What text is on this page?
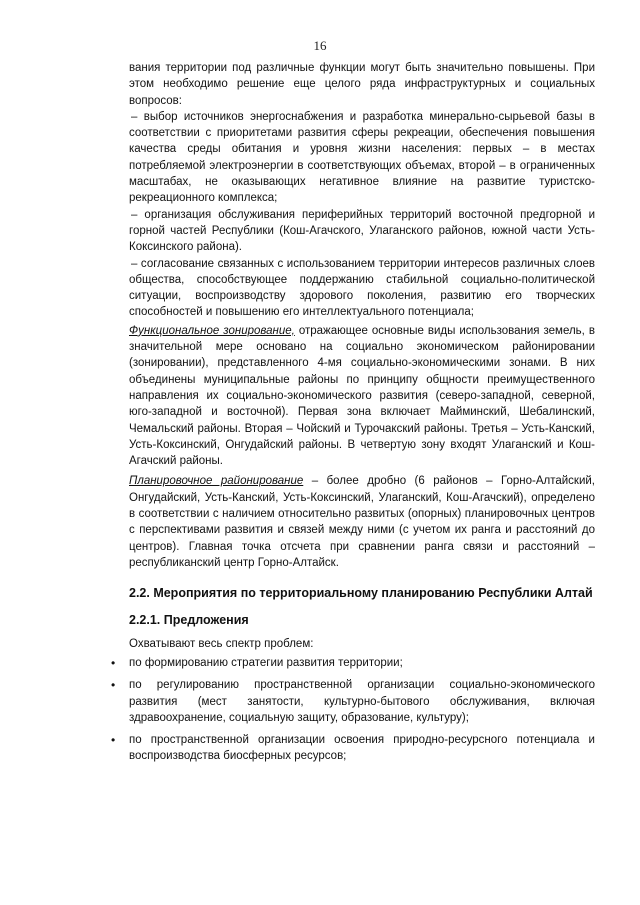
16

вания территории под различные функции могут быть значительно повышены. При этом необходимо решение еще целого ряда инфраструктурных и социальных вопросов:

– выбор источников энергоснабжения и разработка минерально-сырьевой базы в соответствии с приоритетами развития сферы рекреации, обеспечения повышения качества среды обитания и уровня жизни населения: первых – в местах потребляемой электроэнергии в соответствующих объемах, второй – в ограниченных масштабах, не оказывающих негативное влияние на развитие туристско-рекреационного комплекса;

– организация обслуживания периферийных территорий восточной предгорной и горной частей Республики (Кош-Агачского, Улаганского районов, южной части Усть-Коксинского района).

– согласование связанных с использованием территории интересов различных слоев общества, способствующее поддержанию стабильной социально-политической ситуации, воспроизводству здорового поколения, развитию его творческих способностей и повышению его интеллектуального потенциала;

Функциональное зонирование, отражающее основные виды использования земель, в значительной мере основано на социально экономическом районировании (зонировании), представленного 4-мя социально-экономическими зонами. В них объединены муниципальные районы по принципу общности преимущественного направления их социально-экономического развития (северо-западной, северной, юго-западной и восточной). Первая зона включает Майминский, Шебалинский, Чемальский районы. Вторая – Чойский и Турочакский районы. Третья – Усть-Канский, Усть-Коксинский, Онгудайский районы. В четвертую зону входят Улаганский и Кош-Агачский районы.

Планировочное районирование – более дробно (6 районов – Горно-Алтайский, Онгудайский, Усть-Канский, Усть-Коксинский, Улаганский, Кош-Агачский), определено в соответствии с наличием относительно развитых (опорных) планировочных центров с перспективами развития и связей между ними (с учетом их ранга и расстояний до центров). Главная точка отсчета при сравнении ранга связи и расстояний – республиканский центр Горно-Алтайск.

2.2. Мероприятия по территориальному планированию Республики Алтай
2.2.1. Предложения

Охватывают весь спектр проблем:

• по формированию стратегии развития территории;
• по регулированию пространственной организации социально-экономического развития (мест занятости, культурно-бытового обслуживания, включая здравоохранение, социальную защиту, образование, культуру);
• по пространственной организации освоения природно-ресурсного потенциала и воспроизводства биосферных ресурсов;
